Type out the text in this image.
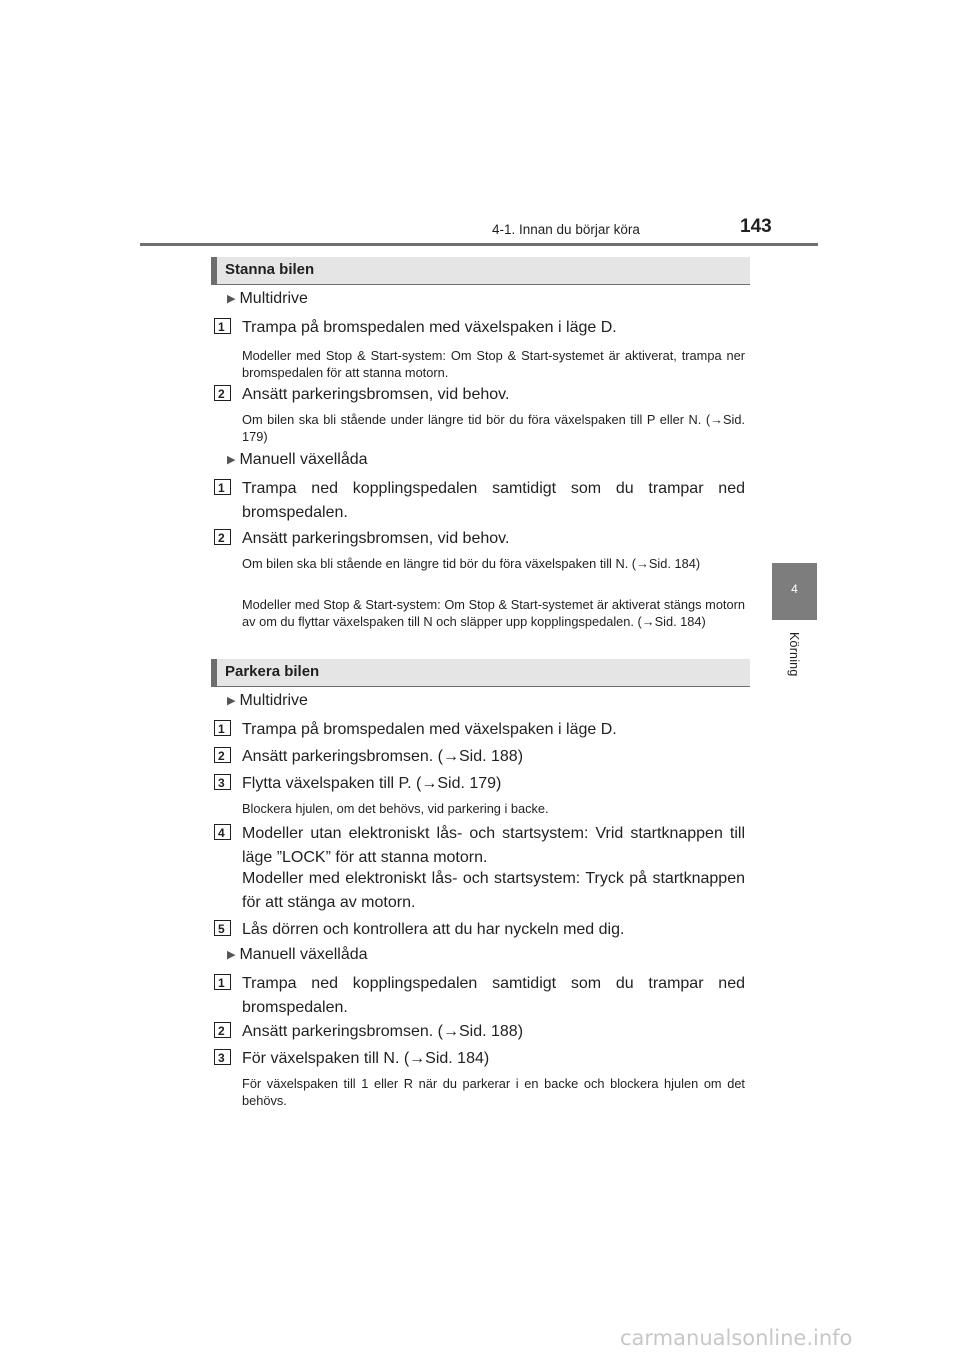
4-1. Innan du börjar köra	143
4
Körning
Stanna bilen
▶ Multidrive
1	Trampa på bromspedalen med växelspaken i läge D.
Modeller med Stop & Start-system: Om Stop & Start-systemet är aktiverat, trampa ner bromspedalen för att stanna motorn.
2	Ansätt parkeringsbromsen, vid behov.
Om bilen ska bli stående under längre tid bör du föra växelspaken till P eller N. (→Sid. 179)
▶ Manuell växellåda
1	Trampa ned kopplingspedalen samtidigt som du trampar ned bromspedalen.
2	Ansätt parkeringsbromsen, vid behov.
Om bilen ska bli stående en längre tid bör du föra växelspaken till N. (→Sid. 184)
Modeller med Stop & Start-system: Om Stop & Start-systemet är aktiverat stängs motorn av om du flyttar växelspaken till N och släpper upp kopplingspedalen. (→Sid. 184)
Parkera bilen
▶ Multidrive
1	Trampa på bromspedalen med växelspaken i läge D.
2	Ansätt parkeringsbromsen. (→Sid. 188)
3	Flytta växelspaken till P. (→Sid. 179)
Blockera hjulen, om det behövs, vid parkering i backe.
4	Modeller utan elektroniskt lås- och startsystem: Vrid startknappen till läge ”LOCK” för att stanna motorn.
Modeller med elektroniskt lås- och startsystem: Tryck på startknappen för att stänga av motorn.
5	Lås dörren och kontrollera att du har nyckeln med dig.
▶ Manuell växellåda
1	Trampa ned kopplingspedalen samtidigt som du trampar ned bromspedalen.
2	Ansätt parkeringsbromsen. (→Sid. 188)
3	För växelspaken till N. (→Sid. 184)
För växelspaken till 1 eller R när du parkerar i en backe och blockera hjulen om det behövs.
carmanualsonline.info
